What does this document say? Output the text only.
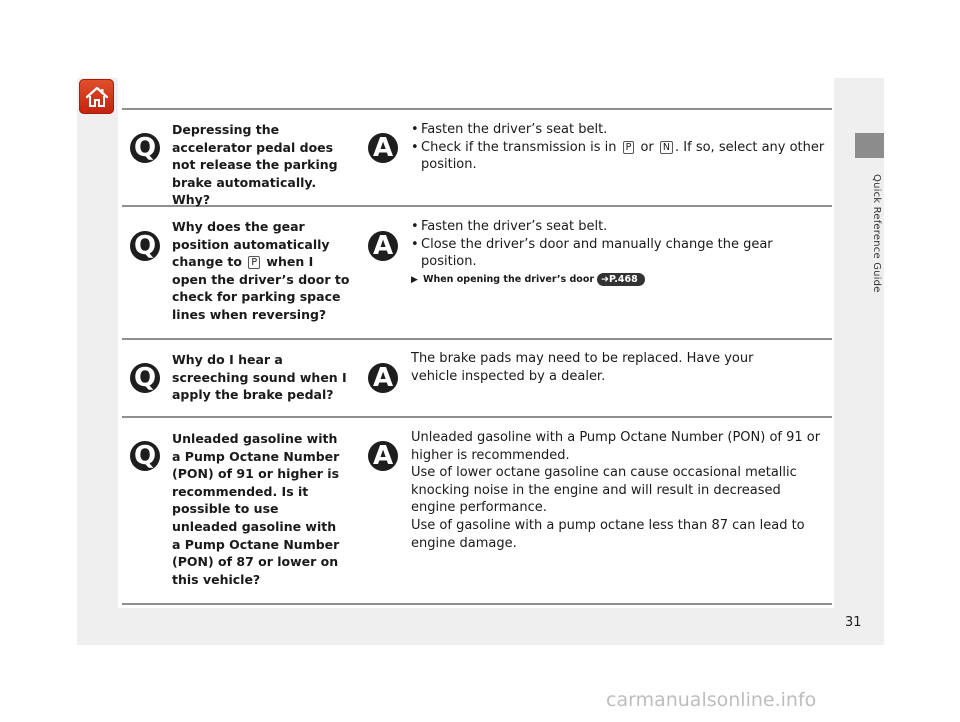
Quick Reference Guide
Q
Depressing the accelerator pedal does not release the parking brake automatically. Why?
A
• Fasten the driver’s seat belt.
• Check if the transmission is in P or N . If so, select any other position.
Q
Why does the gear position automatically change to P when I open the driver’s door to check for parking space lines when reversing?
A
• Fasten the driver’s seat belt.
• Close the driver’s door and manually change the gear position.
▶ When opening the driver’s door ➜P.468
Q
Why do I hear a screeching sound when I apply the brake pedal?
A
The brake pads may need to be replaced. Have your vehicle inspected by a dealer.
Q
Unleaded gasoline with a Pump Octane Number (PON) of 91 or higher is recommended. Is it possible to use unleaded gasoline with a Pump Octane Number (PON) of 87 or lower on this vehicle?
A
Unleaded gasoline with a Pump Octane Number (PON) of 91 or higher is recommended.
Use of lower octane gasoline can cause occasional metallic knocking noise in the engine and will result in decreased engine performance.
Use of gasoline with a pump octane less than 87 can lead to engine damage.
31
carmanualsonline.info
